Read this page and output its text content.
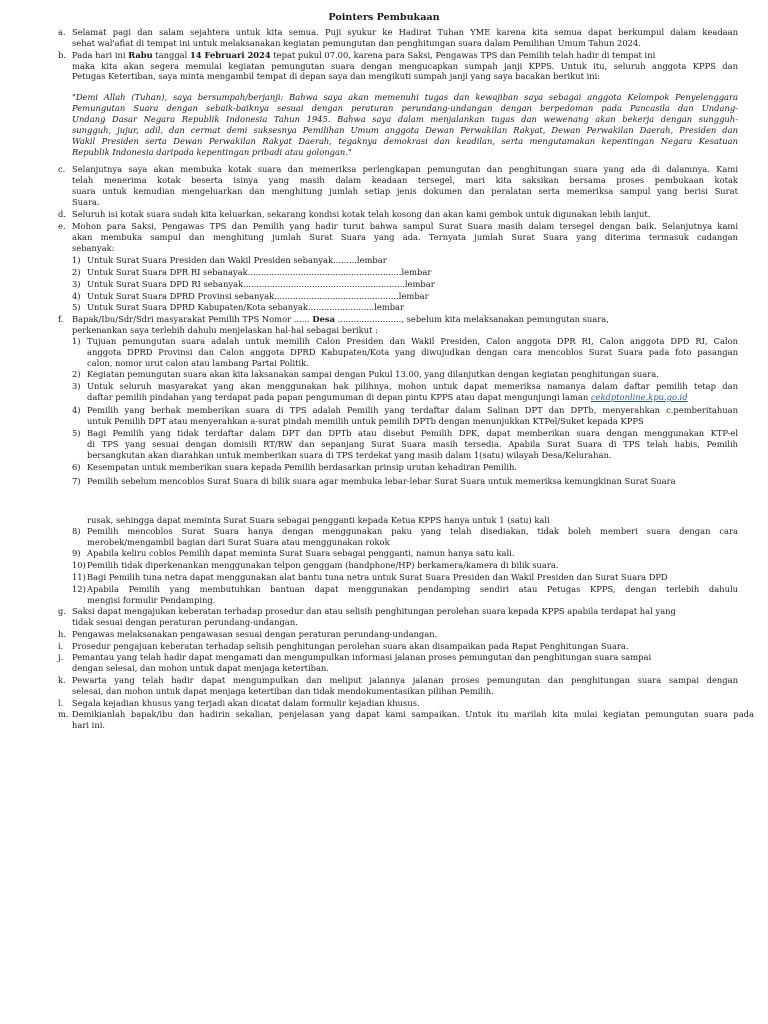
Pointers Pembukaan
a. Selamat pagi dan salam sejahtera untuk kita semua. Puji syukur ke Hadirat Tuhan YME karena kita semua dapat berkumpul dalam keadaan
sehat wal'afiat di tempat ini untuk melaksanakan kegiatan pemungutan dan penghitungan suara dalam Pemilihan Umum Tahun 2024.
b. Pada hari ini Rabu tanggal 14 Februari 2024 tepat pukul 07.00, karena para Saksi, Pengawas TPS dan Pemilih telah hadir di tempat ini
maka kita akan segera memulai kegiatan pemungutan suara dengan mengucapkan sumpah janji KPPS. Untuk itu, seluruh anggota KPPS dan
Petugas Ketertiban, saya minta mengambil tempat di depan saya dan mengikuti sumpah janji yang saya bacakan berikut ini:
"Demi Allah (Tuhan), saya bersumpah/berjanji: Bahwa saya akan memenuhi tugas dan kewajiban saya sebagai anggota Kelompok Penyelenggara
Pemungutan Suara dengan sebaik-baiknya sesuai dengan peraturan perundang-undangan dengan berpedoman pada Pancasila dan Undang-
Undang Dasar Negara Republik Indonesia Tahun 1945. Bahwa saya dalam menjalankan tugas dan wewenang akan bekerja dengan sungguh-
sungguh, jujur, adil, dan cermat demi suksesnya Pemilihan Umum anggota Dewan Perwakilan Rakyat, Dewan Perwakilan Daerah, Presiden dan
Wakil Presiden serta Dewan Perwakilan Rakyat Daerah, tegaknya demokrasi dan keadilan, serta mengutamakan kepentingan Negara Kesatuan
Republik Indonesia daripada kepentingan pribadi atau golongan."
c. Selanjutnya saya akan membuka kotak suara dan memeriksa perlengkapan pemungutan dan penghitungan suara yang ada di dalamnya. Kami
telah menerima kotak beserta isinya yang masih dalam keadaan tersegel, mari kita saksikan bersama proses pembukaan kotak
suara untuk kemudian mengeluarkan dan menghitung jumlah setiap jenis dokumen dan peralatan serta memeriksa sampul yang berisi Surat
Suara.
d. Seluruh isi kotak suara sudah kita keluarkan, sekarang kondisi kotak telah kosong dan akan kami gembok untuk digunakan lebih lanjut.
e. Mohon para Saksi, Pengawas TPS dan Pemilih yang hadir turut bahwa sampul Surat Suara masih dalam tersegel dengan baik. Selanjutnya kami
akan membuka sampul dan menghitung jumlah Surat Suara yang ada. Ternyata jumlah Surat Suara yang diterima termasuk cadangan
sebanyak:
1) Untuk Surat Suara Presiden dan Wakil Presiden sebanyak.........lembar
2) Untuk Surat Suara DPR RI sebanayak..........................................................lembar
3) Untuk Surat Suara DPD RI sebanyak.............................................................lembar
4) Untuk Surat Suara DPRD Provinsi sebanyak...............................................lembar
5) Untuk Surat Suara DPRD Kabupaten/Kota sebanyak.........................lembar
f. Bapak/Ibu/Sdr/Sdri masyarakat Pemilih TPS Nomor ...... Desa ........................, sebelum kita melaksanakan pemungutan suara,
perkenankan saya terlebih dahulu menjelaskan hal-hal sebagai berikut :
1) Tujuan pemungutan suara adalah untuk memilih Calon Presiden dan Wakil Presiden, Calon anggota DPR RI, Calon anggota DPD RI, Calon
anggota DPRD Provinsi dan Calon anggota DPRD Kabupaten/Kota yang diwujudkan dengan cara mencoblos Surat Suara pada foto pasangan
calon, nomor urut calon atau lambang Partai Politik.
2) Kegiatan pemungutan suara akan kita laksanakan sampai dengan Pukul 13.00, yang dilanjutkan dengan kegiatan penghitungan suara.
3) Untuk seluruh masyarakat yang akan menggunakan hak pilihnya, mohon untuk dapat memeriksa namanya dalam daftar pemilih tetap dan
daftar pemilih pindahan yang terdapat pada papan pengumuman di depan pintu KPPS atau dapat mengunjungi laman cekdptonline.kpu.go.id
4) Pemilih yang berhak memberikan suara di TPS adalah Pemilih yang terdaftar dalam Salinan DPT dan DPTb, menyerahkan c.pemberitahuan
untuk Pemilih DPT atau menyerahkan a-surat pindah memilih untuk pemilih DPTb dengan menunjukkan KTPel/Suket kepada KPPS
5) Bagi Pemilih yang tidak terdaftar dalam DPT dan DPTb atau disebut Pemilih DPK, dapat memberikan suara dengan menggunakan KTP-el
di TPS yang sesuai dengan domisili RT/RW dan sepanjang Surat Suara masih tersedia. Apabila Surat Suara di TPS telah habis, Pemilih
bersangkutan akan diarahkan untuk memberikan suara di TPS terdekat yang masih dalam 1(satu) wilayah Desa/Kelurahan.
6) Kesempatan untuk memberikan suara kepada Pemilih berdasarkan prinsip urutan kehadiran Pemilih.
7) Pemilih sebelum mencoblos Surat Suara di bilik suara agar membuka lebar-lebar Surat Suara untuk memeriksa kemungkinan Surat Suara
rusak, sehingga dapat meminta Surat Suara sebagai pengganti kepada Ketua KPPS hanya untuk 1 (satu) kali
8) Pemilih mencoblos Surat Suara hanya dengan menggunakan paku yang telah disediakan, tidak boleh memberi suara dengan cara
merobek/mengambil bagian dari Surat Suara atau menggunakan rokok
9) Apabila keliru coblos Pemilih dapat meminta Surat Suara sebagai pengganti, namun hanya satu kali.
10) Pemilih tidak diperkenankan menggunakan telpon genggam (handphone/HP) berkamera/kamera di bilik suara.
11) Bagi Pemilih tuna netra dapat menggunakan alat bantu tuna netra untuk Surat Suara Presiden dan Wakil Presiden dan Surat Suara DPD
12) Apabila Pemilih yang membutuhkan bantuan dapat menggunakan pendamping sendiri atau Petugas KPPS, dengan terlebih dahulu
mengisi formulir Pendamping.
g. Saksi dapat mengajukan keberatan terhadap prosedur dan atau selisih penghitungan perolehan suara kepada KPPS apabila terdapat hal yang
tidak sesuai dengan peraturan perundang-undangan.
h. Pengawas melaksanakan pengawasan sesuai dengan peraturan perundang-undangan.
i. Prosedur pengajuan keberatan terhadap selisih penghitungan perolehan suara akan disampaikan pada Rapat Penghitungan Suara.
j. Pemantau yang telah hadir dapat mengamati dan mengumpulkan informasi jalanan proses pemungutan dan penghitungan suara sampai
dengan selesai, dan mohon untuk dapat menjaga ketertiban.
k. Pewarta yang telah hadir dapat mengumpulkan dan meliput jalannya jalanan proses pemungutan dan penghitungan suara sampai dengan
selesai, dan mohon untuk dapat menjaga ketertiban dan tidak mendokumentasikan pilihan Pemilih.
l. Segala kejadian khusus yang terjadi akan dicatat dalam formulir kejadian khusus.
m. Demikianlah bapak/ibu dan hadirin sekalian, penjelasan yang dapat kami sampaikan. Untuk itu marilah kita mulai kegiatan pemungutan suara pada
hari ini.
